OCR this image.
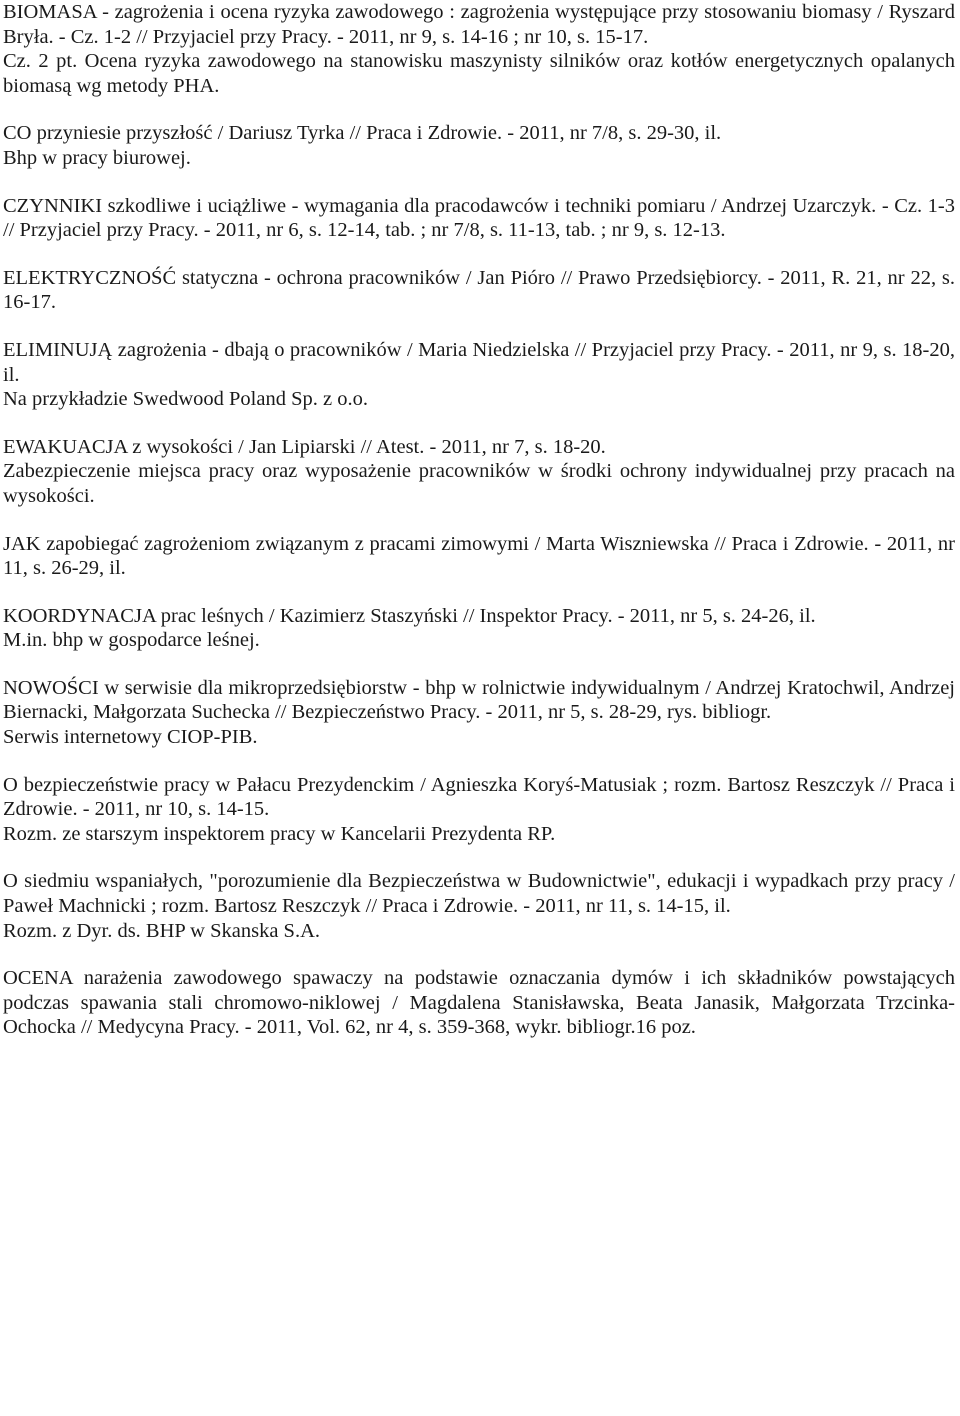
BIOMASA - zagrożenia i ocena ryzyka zawodowego : zagrożenia występujące przy stosowaniu biomasy / Ryszard Bryła. - Cz. 1-2 // Przyjaciel przy Pracy. - 2011, nr 9, s. 14-16 ; nr 10, s. 15-17.
Cz. 2 pt. Ocena ryzyka zawodowego na stanowisku maszynisty silników oraz kotłów energetycznych opalanych biomasą wg metody PHA.
CO przyniesie przyszłość / Dariusz Tyrka // Praca i Zdrowie. - 2011, nr 7/8, s. 29-30, il.
Bhp w pracy biurowej.
CZYNNIKI szkodliwe i uciążliwe - wymagania dla pracodawców i techniki pomiaru / Andrzej Uzarczyk. - Cz. 1-3 // Przyjaciel przy Pracy. - 2011, nr 6, s. 12-14, tab. ; nr 7/8, s. 11-13, tab. ; nr 9, s. 12-13.
ELEKTRYCZNOŚĆ statyczna - ochrona pracowników / Jan Pióro // Prawo Przedsiębiorcy. - 2011, R. 21, nr 22, s. 16-17.
ELIMINUJĄ zagrożenia - dbają o pracowników / Maria Niedzielska // Przyjaciel przy Pracy. - 2011, nr 9, s. 18-20, il.
Na przykładzie Swedwood Poland Sp. z o.o.
EWAKUACJA z wysokości / Jan Lipiarski // Atest. - 2011, nr 7, s. 18-20.
Zabezpieczenie miejsca pracy oraz wyposażenie pracowników w środki ochrony indywidualnej przy pracach na wysokości.
JAK zapobiegać zagrożeniom związanym z pracami zimowymi / Marta Wiszniewska // Praca i Zdrowie. - 2011, nr 11, s. 26-29, il.
KOORDYNACJA prac leśnych / Kazimierz Staszyński // Inspektor Pracy. - 2011, nr 5, s. 24-26, il.
M.in. bhp w gospodarce leśnej.
NOWOŚCI w serwisie dla mikroprzedsiębiorstw - bhp w rolnictwie indywidualnym / Andrzej Kratochwil, Andrzej Biernacki, Małgorzata Suchecka // Bezpieczeństwo Pracy. - 2011, nr 5, s. 28-29, rys. bibliogr.
Serwis internetowy CIOP-PIB.
O bezpieczeństwie pracy w Pałacu Prezydenckim / Agnieszka Koryś-Matusiak ; rozm. Bartosz Reszczyk // Praca i Zdrowie. - 2011, nr 10, s. 14-15.
Rozm. ze starszym inspektorem pracy w Kancelarii Prezydenta RP.
O siedmiu wspaniałych, "porozumienie dla Bezpieczeństwa w Budownictwie", edukacji i wypadkach przy pracy / Paweł Machnicki ; rozm. Bartosz Reszczyk // Praca i Zdrowie. - 2011, nr 11, s. 14-15, il.
Rozm. z Dyr. ds. BHP w Skanska S.A.
OCENA narażenia zawodowego spawaczy na podstawie oznaczania dymów i ich składników powstających podczas spawania stali chromowo-niklowej / Magdalena Stanisławska, Beata Janasik, Małgorzata Trzcinka-Ochocka // Medycyna Pracy. - 2011, Vol. 62, nr 4, s. 359-368, wykr. bibliogr.16 poz.
